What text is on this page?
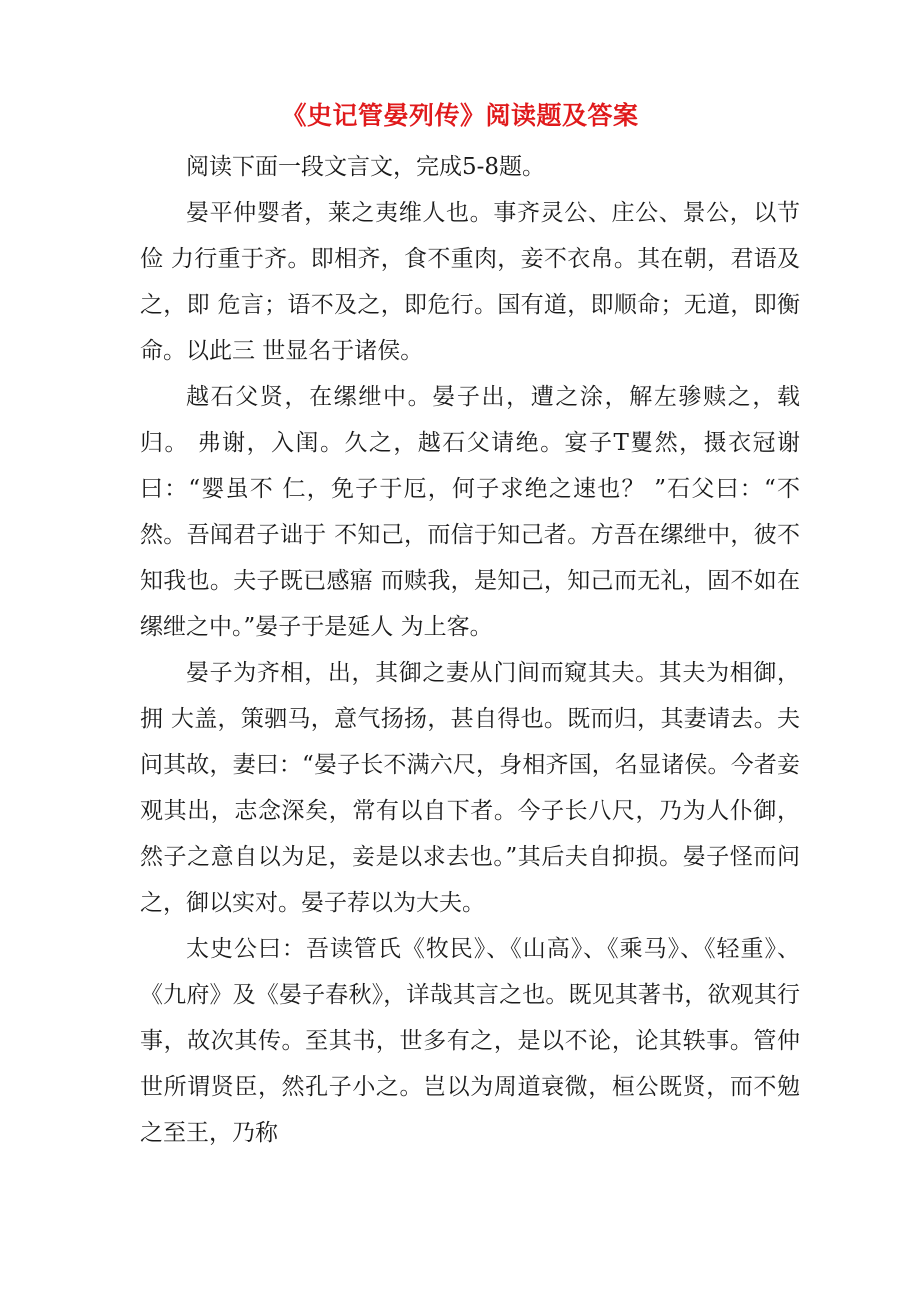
《史记管晏列传》阅读题及答案

阅读下面一段文言文，完成5-8题。

晏平仲婴者，莱之夷维人也。事齐灵公、庄公、景公，以节俭 力行重于齐。即相齐，食不重肉，妾不衣帛。其在朝，君语及之，即 危言；语不及之，即危行。国有道，即顺命；无道，即衡命。以此三 世显名于诸侯。

越石父贤，在缧绁中。晏子出，遭之涂，解左骖赎之，载归。 弗谢，入闺。久之，越石父请绝。宴子T矍然，摄衣冠谢曰：“婴虽不 仁，免子于厄，何子求绝之速也？ ”石父曰：“不然。吾闻君子诎于 不知己，而信于知己者。方吾在缧绁中，彼不知我也。夫子既已感寤 而赎我，是知己，知己而无礼，固不如在缧绁之中。”晏子于是延人 为上客。

晏子为齐相，出，其御之妻从门间而窥其夫。其夫为相御，拥 大盖，策驷马，意气扬扬，甚自得也。既而归，其妻请去。夫问其故，妻曰：“晏子长不满六尺，身相齐国，名显诸侯。今者妾观其出，志念深矣，常有以自下者。今子长八尺，乃为人仆御，然子之意自以为足，妾是以求去也。”其后夫自抑损。晏子怪而问之，御以实对。晏子荐以为大夫。

太史公曰：吾读管氏《牧民》、《山高》、《乘马》、《轻重》、《九府》及《晏子春秋》，详哉其言之也。既见其著书，欲观其行事，故次其传。至其书，世多有之，是以不论，论其轶事。管仲世所谓贤臣，然孔子小之。岂以为周道衰微，桓公既贤，而不勉之至王，乃称
